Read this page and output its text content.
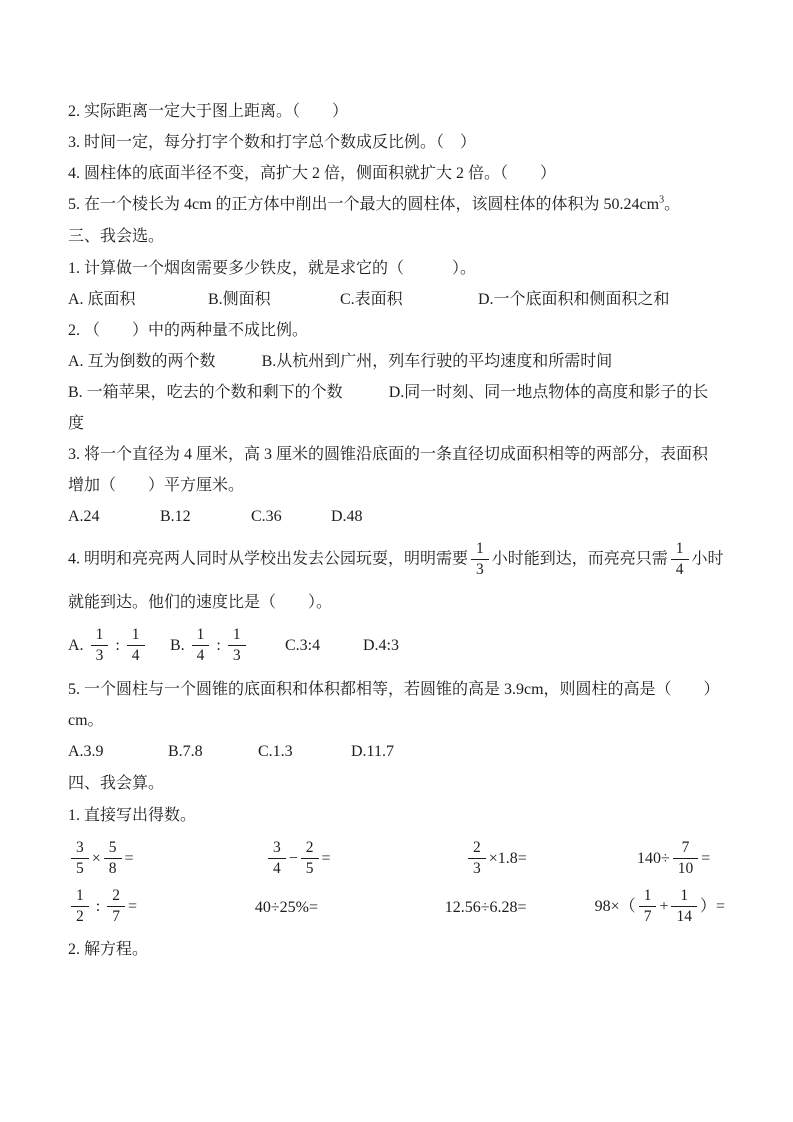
2. 实际距离一定大于图上距离。（　　）

3. 时间一定，每分打字个数和打字总个数成反比例。（　）

4. 圆柱体的底面半径不变，高扩大 2 倍，侧面积就扩大 2 倍。（　　）

5. 在一个棱长为 4cm 的正方体中削出一个最大的圆柱体，该圆柱体的体积为 $50.24cm^3$。

三、我会选。

1. 计算做一个烟囱需要多少铁皮，就是求它的（　　　）。

A. 底面积	B.侧面积	C.表面积	D.一个底面积和侧面积之和

2. （　　）中的两种量不成比例。

A. 互为倒数的两个数	B.从杭州到广州，列车行驶的平均速度和所需时间

B. 一箱苹果，吃去的个数和剩下的个数	D.同一时刻、同一地点物体的高度和影子的长

度

3. 将一个直径为 4 厘米，高 3 厘米的圆锥沿底面的一条直径切成面积相等的两部分，表面积

增加（　　）平方厘米。

A.24	B.12	C.36	D.48

4. 明明和亮亮两人同时从学校出发去公园玩耍，明明需要 $\frac{1}{3}$ 小时能到达，而亮亮只需 $\frac{1}{4}$ 小时

就能到达。他们的速度比是（　　）。

A. $\frac{1}{3}$ : $\frac{1}{4} B$. $\frac{1}{4}$ : $\frac{1}{3}$ C.3:4	D.4:3

5. 一个圆柱与一个圆锥的底面积和体积都相等，若圆锥的高是 3.9cm，则圆柱的高是（　　）

cm。

A.3.9	B.7.8	C.1.3	D.11.7

四、我会算。

1. 直接写出得数。

$\frac{3}{5} \times \frac{5}{8}$ =	$\frac{3}{4} - \frac{2}{5}$ =	$\frac{2}{3} \times 1.8=$	$140\div \frac{7}{10}$ =
$\frac{1}{2}$ : $\frac{2}{7}$ =	40÷25%=	12.56÷6.28=	$98\times( \frac{1}{7} + \frac{1}{14}$ ）=

2. 解方程。
